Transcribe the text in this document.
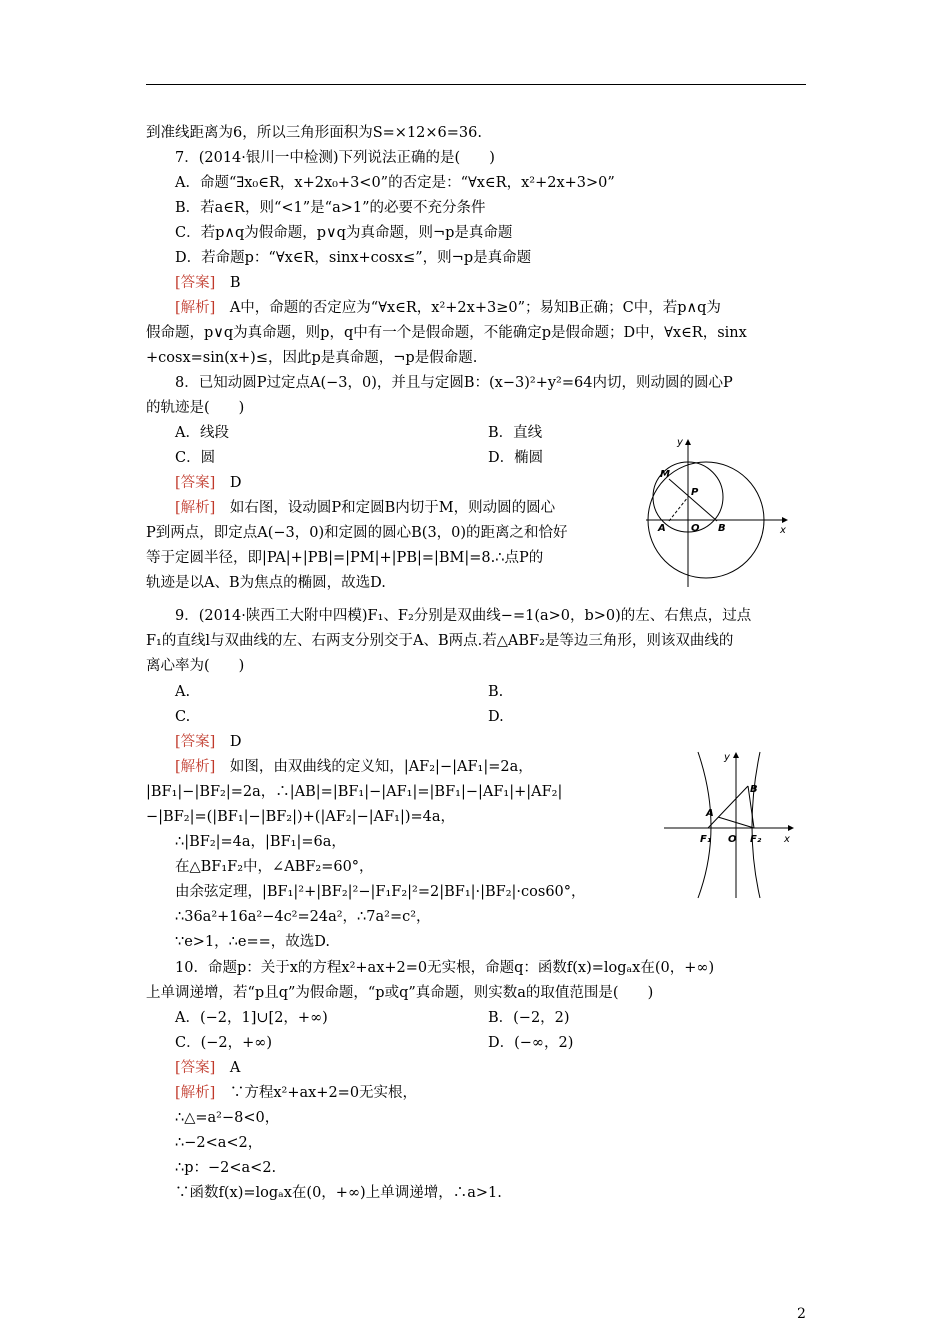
到准线距离为6，所以三角形面积为S=×12×6=36.
7．(2014·银川一中检测)下列说法正确的是(　　)
A．命题“∃x₀∈R，x+2x₀+3<0”的否定是：“∀x∈R，x²+2x+3>0”
B．若a∈R，则“<1”是“a>1”的必要不充分条件
C．若p∧q为假命题，p∨q为真命题，则¬p是真命题
D．若命题p：“∀x∈R，sinx+cosx≤”，则¬p是真命题
[答案]　 B
[解析]　 A中，命题的否定应为“∀x∈R，x²+2x+3≥0”；易知B正确；C中，若p∧q为
假命题，p∨q为真命题，则p，q中有一个是假命题，不能确定p是假命题；D中，∀x∈R，sinx
+cosx=sin(x+)≤，因此p是真命题，¬p是假命题.
8．已知动圆P过定点A(−3，0)，并且与定圆B：(x−3)²+y²=64内切，则动圆的圆心P
的轨迹是(　　)
A．线段	B．直线
C．圆	D．椭圆
[答案]　 D
[解析]　 如右图，设动圆P和定圆B内切于M，则动圆的圆心
P到两点，即定点A(−3，0)和定圆的圆心B(3，0)的距离之和恰好
等于定圆半径，即|PA|+|PB|=|PM|+|PB|=|BM|=8.∴点P的
轨迹是以A、B为焦点的椭圆，故选D.
y
x
M
P
A	O B
9．(2014·陕西工大附中四模)F₁、F₂分别是双曲线−=1(a>0，b>0)的左、右焦点，过点
F₁的直线l与双曲线的左、右两支分别交于A、B两点.若△ABF₂是等边三角形，则该双曲线的
离心率为(　　)
A.	B.
C.	D.
[答案]　 D
[解析]　 如图，由双曲线的定义知，|AF₂|−|AF₁|=2a，
|BF₁|−|BF₂|=2a，∴|AB|=|BF₁|−|AF₁|=|BF₁|−|AF₁|+|AF₂|
−|BF₂|=(|BF₁|−|BF₂|)+(|AF₂|−|AF₁|)=4a，
∴|BF₂|=4a，|BF₁|=6a，
在△BF₁F₂中，∠ABF₂=60°，
由余弦定理，|BF₁|²+|BF₂|²−|F₁F₂|²=2|BF₁|·|BF₂|·cos60°，
∴36a²+16a²−4c²=24a²，∴7a²=c²，
∵e>1，∴e==，故选D.
y
x
A
B
F₁ O F₂
10．命题p：关于x的方程x²+ax+2=0无实根，命题q：函数f(x)=logₐx在(0，+∞)
上单调递增，若“p且q”为假命题，“p或q”真命题，则实数a的取值范围是(　　)
A．(−2，1]∪[2，+∞)	B．(−2，2)
C．(−2，+∞)	D．(−∞，2)
[答案]　 A
[解析]　 ∵方程x²+ax+2=0无实根，
∴△=a²−8<0，
∴−2<a<2，
∴p：−2<a<2.
∵函数f(x)=logₐx在(0，+∞)上单调递增，∴a>1.
2
